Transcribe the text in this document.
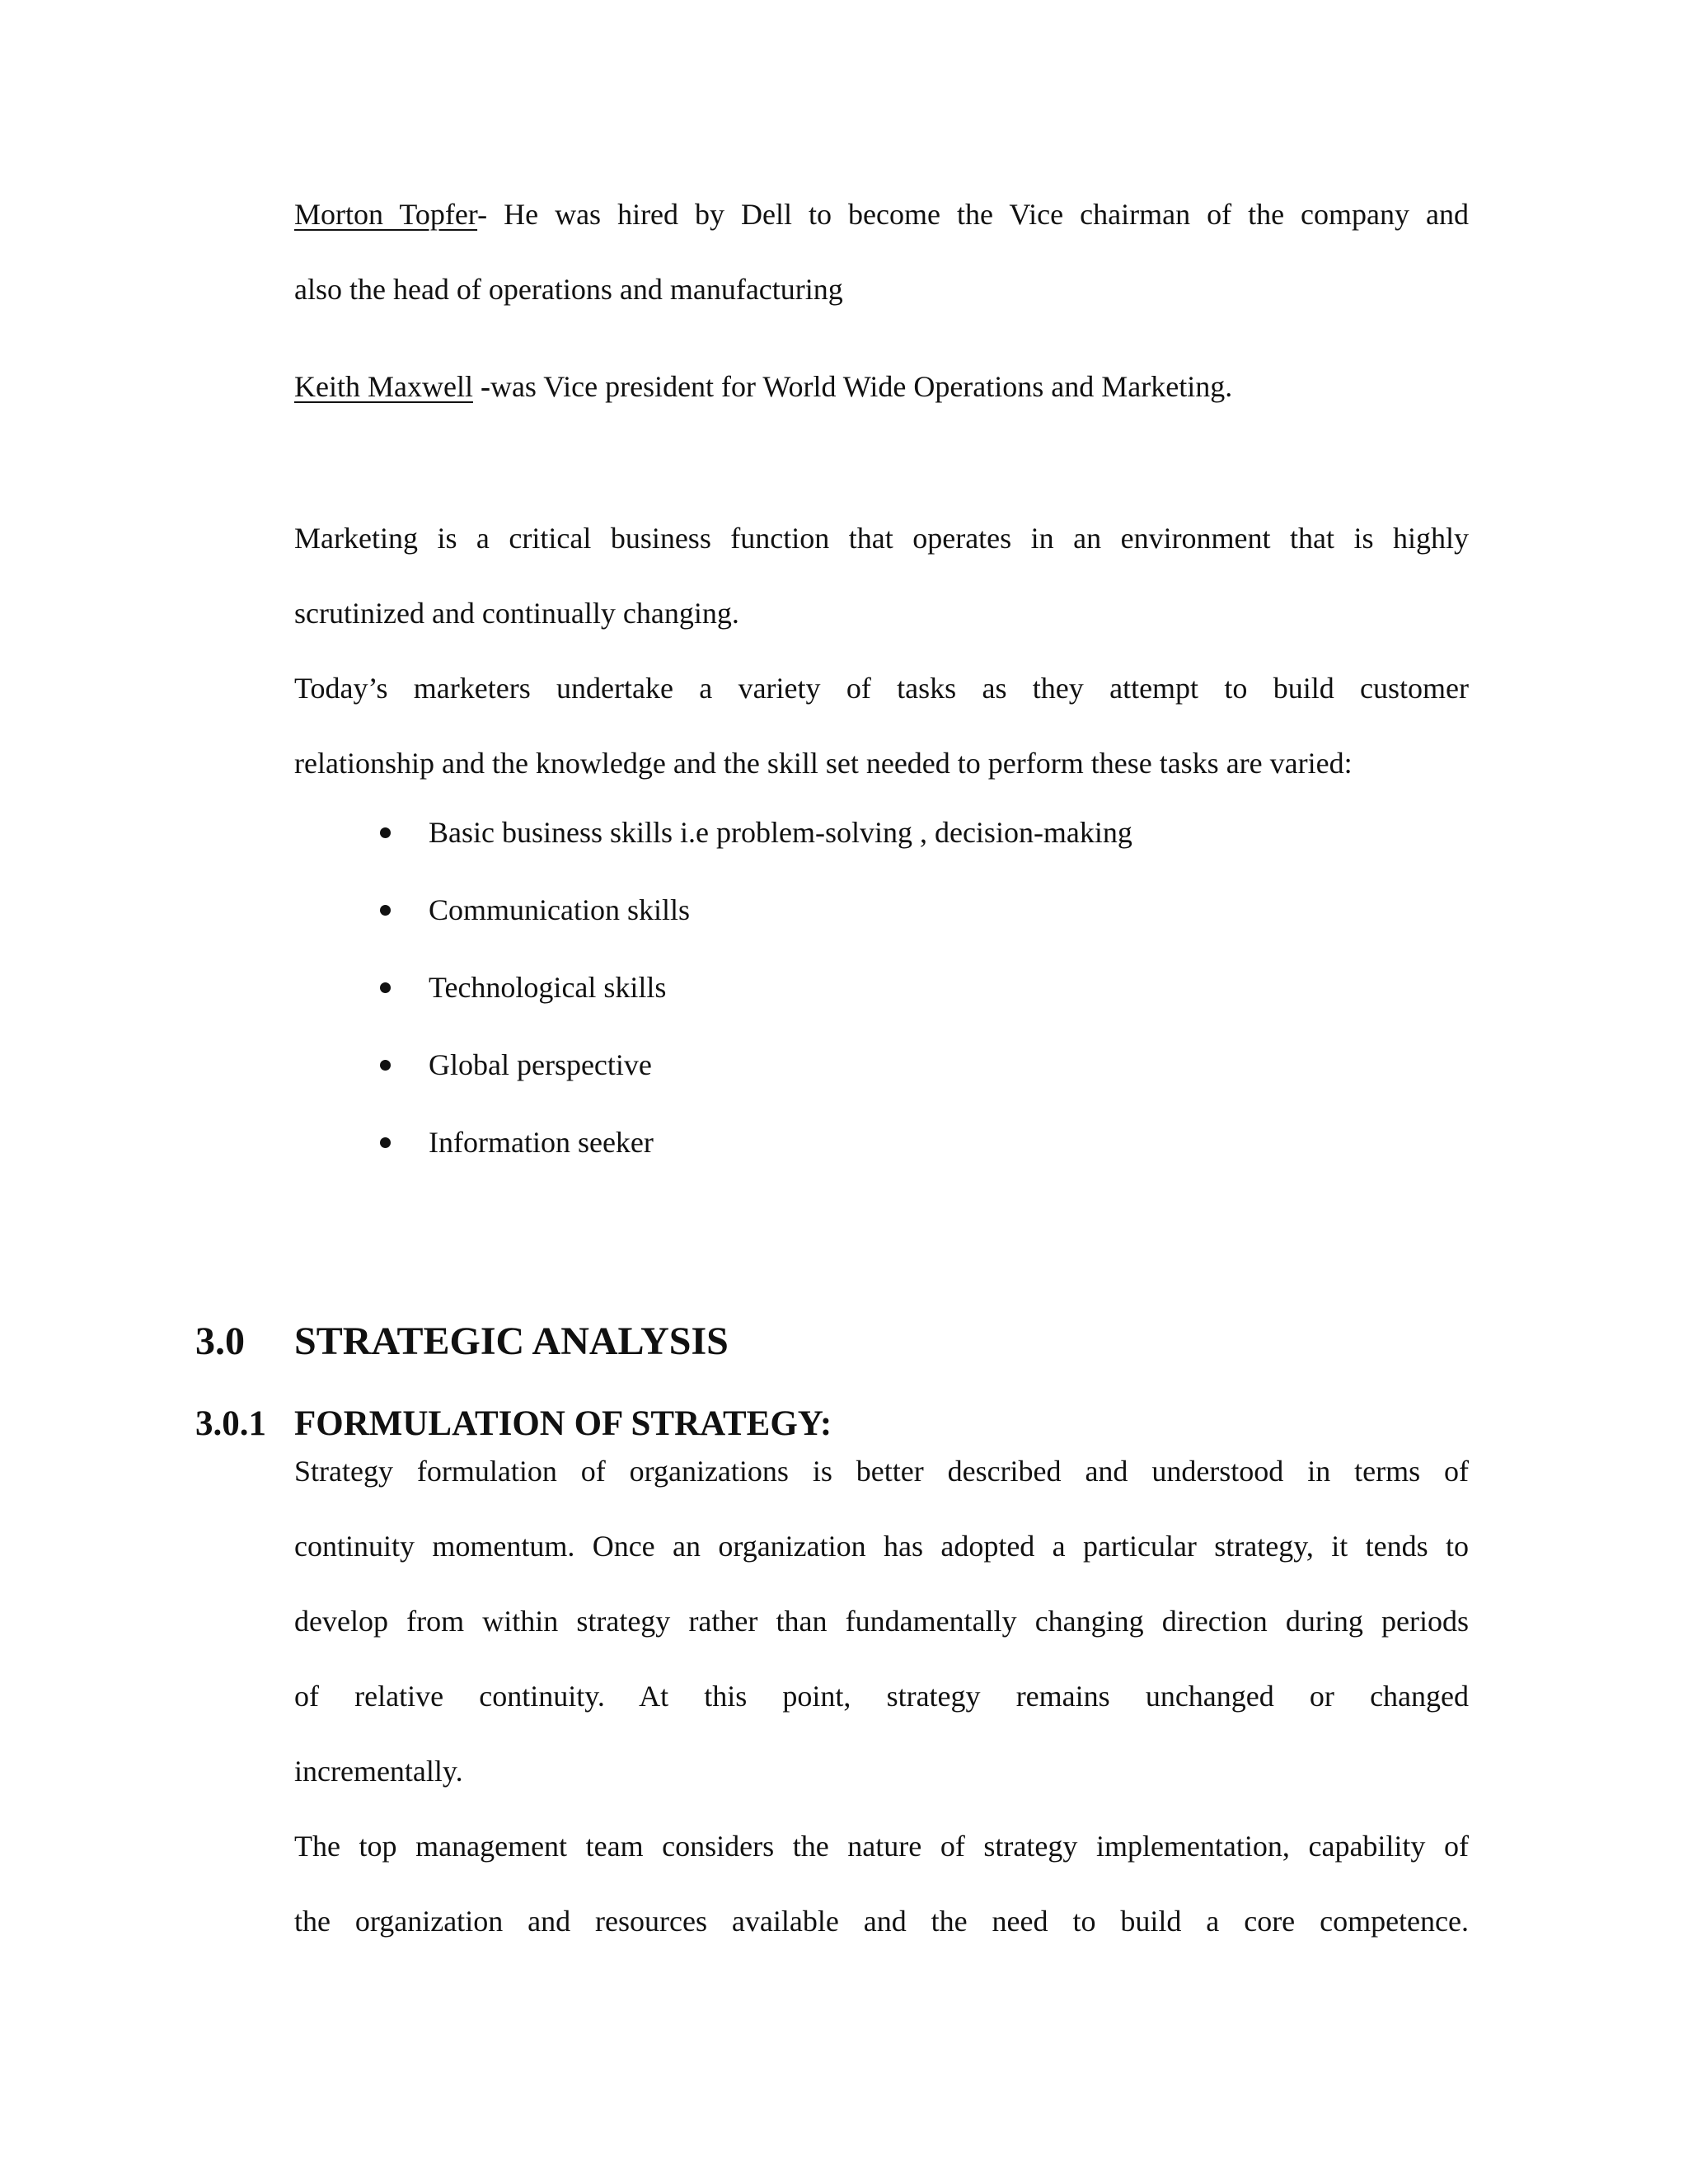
Morton Topfer- He was hired by Dell to become the Vice chairman of the company and
also the head of operations and manufacturing
Keith Maxwell -was Vice president for World Wide Operations and Marketing.
Marketing is a critical business function that operates in an environment that is highly
scrutinized and continually changing.
Today’s marketers undertake a variety of tasks as they attempt to build customer
relationship and the knowledge and the skill set needed to perform these tasks are varied:
Basic business skills i.e problem-solving , decision-making
Communication skills
Technological skills
Global perspective
Information seeker
3.0 STRATEGIC ANALYSIS
3.0.1 FORMULATION OF STRATEGY:
Strategy formulation of organizations is better described and understood in terms of
continuity momentum. Once an organization has adopted a particular strategy, it tends to
develop from within strategy rather than fundamentally changing direction during periods
of relative continuity. At this point, strategy remains unchanged or changed
incrementally.
The top management team considers the nature of strategy implementation, capability of
the organization and resources available and the need to build a core competence.
